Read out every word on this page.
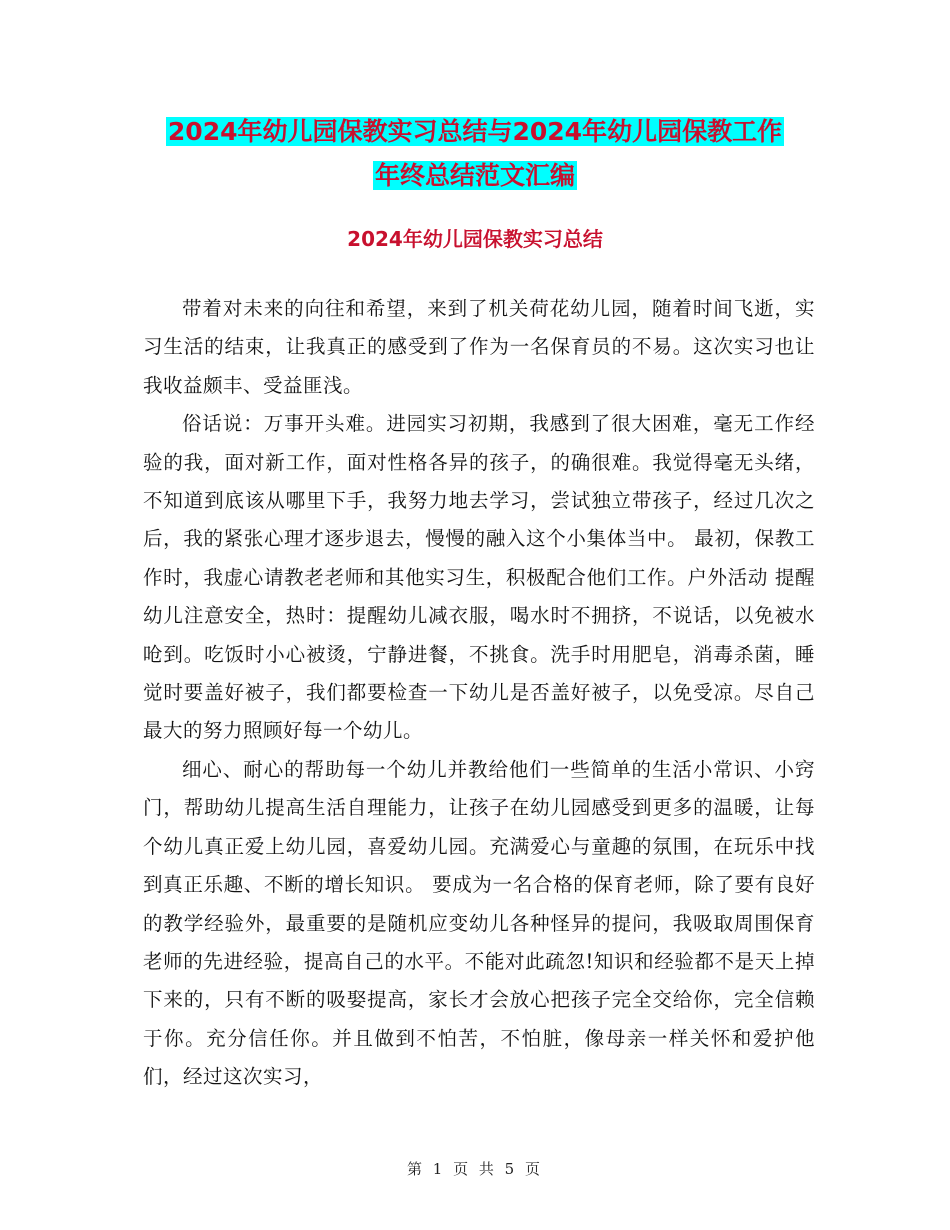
2024年幼儿园保教实习总结与2024年幼儿园保教工作
年终总结范文汇编
2024年幼儿园保教实习总结

带着对未来的向往和希望，来到了机关荷花幼儿园，随着时间飞逝，实习生活的结束，让我真正的感受到了作为一名保育员的不易。这次实习也让我收益颇丰、受益匪浅。

俗话说：万事开头难。进园实习初期，我感到了很大困难，毫无工作经验的我，面对新工作，面对性格各异的孩子，的确很难。我觉得毫无头绪，不知道到底该从哪里下手，我努力地去学习，尝试独立带孩子，经过几次之后，我的紧张心理才逐步退去，慢慢的融入这个小集体当中。 最初，保教工作时，我虚心请教老老师和其他实习生，积极配合他们工作。户外活动 提醒幼儿注意安全，热时：提醒幼儿减衣服，喝水时不拥挤，不说话，以免被水呛到。吃饭时小心被烫，宁静进餐，不挑食。洗手时用肥皂，消毒杀菌，睡觉时要盖好被子，我们都要检查一下幼儿是否盖好被子，以免受凉。尽自己最大的努力照顾好每一个幼儿。

细心、耐心的帮助每一个幼儿并教给他们一些简单的生活小常识、小窍门，帮助幼儿提高生活自理能力，让孩子在幼儿园感受到更多的温暖，让每个幼儿真正爱上幼儿园，喜爱幼儿园。充满爱心与童趣的氛围，在玩乐中找到真正乐趣、不断的增长知识。 要成为一名合格的保育老师，除了要有良好的教学经验外，最重要的是随机应变幼儿各种怪异的提问，我吸取周围保育老师的先进经验，提高自己的水平。不能对此疏忽!知识和经验都不是天上掉下来的，只有不断的吸娶提高，家长才会放心把孩子完全交给你，完全信赖于你。充分信任你。并且做到不怕苦，不怕脏，像母亲一样关怀和爱护他们，经过这次实习，

第 1 页 共 5 页
